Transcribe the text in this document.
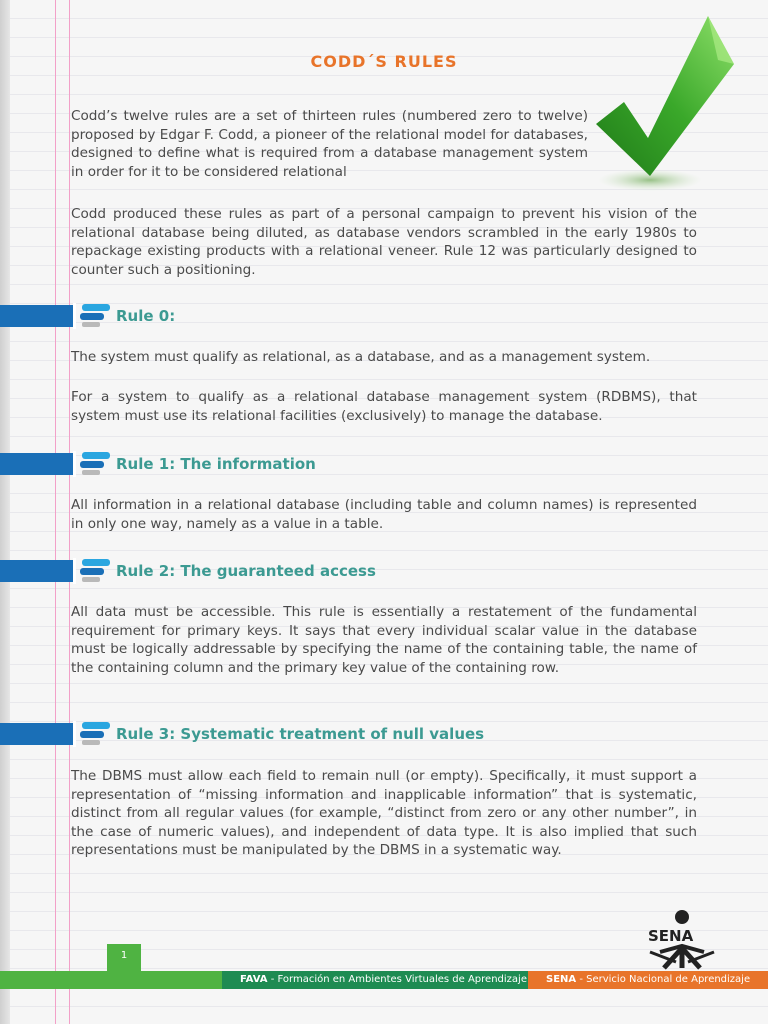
CODD´S RULES

Codd’s twelve rules are a set of thirteen rules (numbered zero to twelve) proposed by Edgar F. Codd, a pioneer of the relational model for databases, designed to define what is required from a database management system in order for it to be considered relational

Codd produced these rules as part of a personal campaign to prevent his vision of the relational database being diluted, as database vendors scrambled in the early 1980s to repackage existing products with a relational veneer. Rule 12 was particularly designed to counter such a positioning.

Rule 0:

The system must qualify as relational, as a database, and as a management system.

For a system to qualify as a relational database management system (RDBMS), that system must use its relational facilities (exclusively) to manage the database.

Rule 1: The information

All information in a relational database (including table and column names) is represented in only one way, namely as a value in a table.

Rule 2: The guaranteed access

All data must be accessible. This rule is essentially a restatement of the fundamental requirement for primary keys. It says that every individual scalar value in the database must be logically addressable by specifying the name of the containing table, the name of the containing column and the primary key value of the containing row.

Rule 3: Systematic treatment of null values

The DBMS must allow each field to remain null (or empty). Specifically, it must support a representation of “missing information and inapplicable information” that is systematic, distinct from all regular values (for example, “distinct from zero or any other number”, in the case of numeric values), and independent of data type. It is also implied that such representations must be manipulated by the DBMS in a systematic way.

SENA
1
FAVA - Formación en Ambientes Virtuales de Aprendizaje	SENA - Servicio Nacional de Aprendizaje
